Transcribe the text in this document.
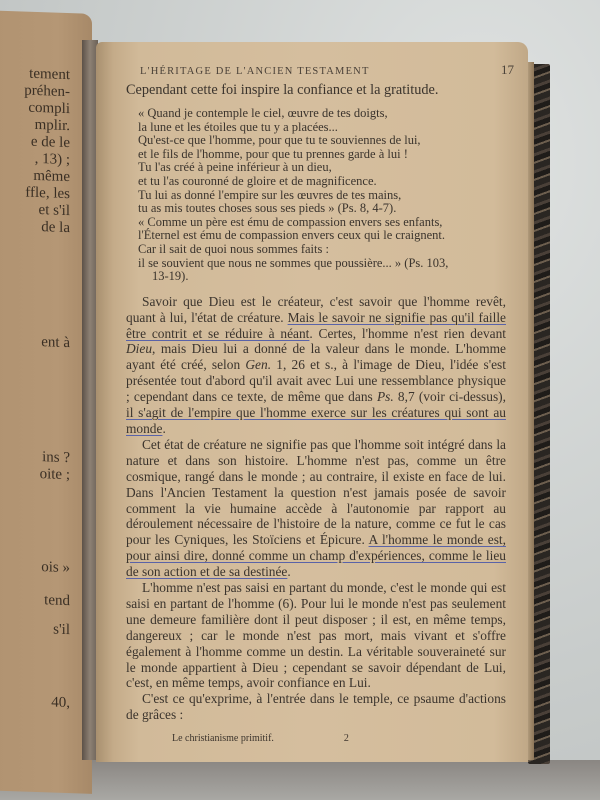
tement
préhen-
compli
mplir.
e de le
, 13) ;
même
ffle, les
et s'il
de la
ent à
ins ?
oite ;
ois »
tend
s'il
40,
L'HÉRITAGE DE L'ANCIEN TESTAMENT	17

Cependant cette foi inspire la confiance et la gratitude.

« Quand je contemple le ciel, œuvre de tes doigts,
la lune et les étoiles que tu y a placées...
Qu'est-ce que l'homme, pour que tu te souviennes de lui,
et le fils de l'homme, pour que tu prennes garde à lui !
Tu l'as créé à peine inférieur à un dieu,
et tu l'as couronné de gloire et de magnificence.
Tu lui as donné l'empire sur les œuvres de tes mains,
tu as mis toutes choses sous ses pieds » (Ps. 8, 4-7).
« Comme un père est ému de compassion envers ses enfants,
l'Éternel est ému de compassion envers ceux qui le craignent.
Car il sait de quoi nous sommes faits :
il se souvient que nous ne sommes que poussière... » (Ps. 103,
13-19).

Savoir que Dieu est le créateur, c'est savoir que l'homme revêt, quant à lui, l'état de créature. Mais le savoir ne signifie pas qu'il faille être contrit et se réduire à néant. Certes, l'homme n'est rien devant Dieu, mais Dieu lui a donné de la valeur dans le monde. L'homme ayant été créé, selon Gen. 1, 26 et s., à l'image de Dieu, l'idée s'est présentée tout d'abord qu'il avait avec Lui une ressemblance physique ; cependant dans ce texte, de même que dans Ps. 8,7 (voir ci-dessus), il s'agit de l'empire que l'homme exerce sur les créatures qui sont au monde.

Cet état de créature ne signifie pas que l'homme soit intégré dans la nature et dans son histoire. L'homme n'est pas, comme un être cosmique, rangé dans le monde ; au contraire, il existe en face de lui. Dans l'Ancien Testament la question n'est jamais posée de savoir comment la vie humaine accède à l'autonomie par rapport au déroulement nécessaire de l'histoire de la nature, comme ce fut le cas pour les Cyniques, les Stoïciens et Épicure. A l'homme le monde est, pour ainsi dire, donné comme un champ d'expériences, comme le lieu de son action et de sa destinée.

L'homme n'est pas saisi en partant du monde, c'est le monde qui est saisi en partant de l'homme (6). Pour lui le monde n'est pas seulement une demeure familière dont il peut disposer ; il est, en même temps, dangereux ; car le monde n'est pas mort, mais vivant et s'offre également à l'homme comme un destin. La véritable souveraineté sur le monde appartient à Dieu ; cependant se savoir dépendant de Lui, c'est, en même temps, avoir confiance en Lui.

C'est ce qu'exprime, à l'entrée dans le temple, ce psaume d'actions de grâces :

Le christianisme primitif.	2
